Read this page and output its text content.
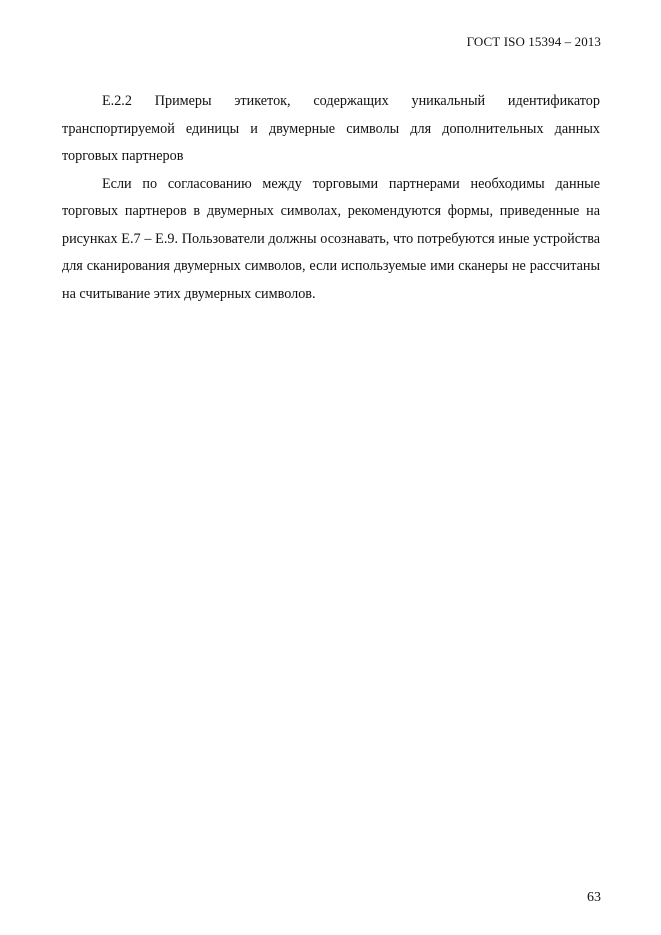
ГОСТ ISO 15394 – 2013

Е.2.2 Примеры этикеток, содержащих уникальный идентификатор транспортируемой единицы и двумерные символы для дополнительных данных торговых партнеров

Если по согласованию между торговыми партнерами необходимы данные торговых партнеров в двумерных символах, рекомендуются формы, приведенные на рисунках Е.7 – Е.9. Пользователи должны осознавать, что потребуются иные устройства для сканирования двумерных символов, если используемые ими сканеры не рассчитаны на считывание этих двумерных символов.

63
